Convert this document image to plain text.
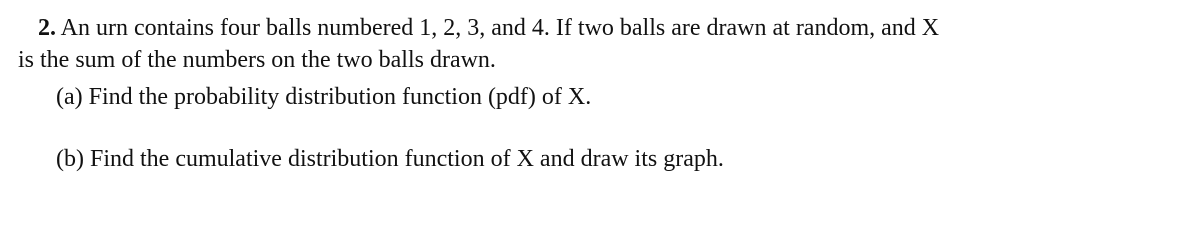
2. An urn contains four balls numbered 1, 2, 3, and 4. If two balls are drawn at random, and X

is the sum of the numbers on the two balls drawn.

(a) Find the probability distribution function (pdf) of X.

(b) Find the cumulative distribution function of X and draw its graph.
